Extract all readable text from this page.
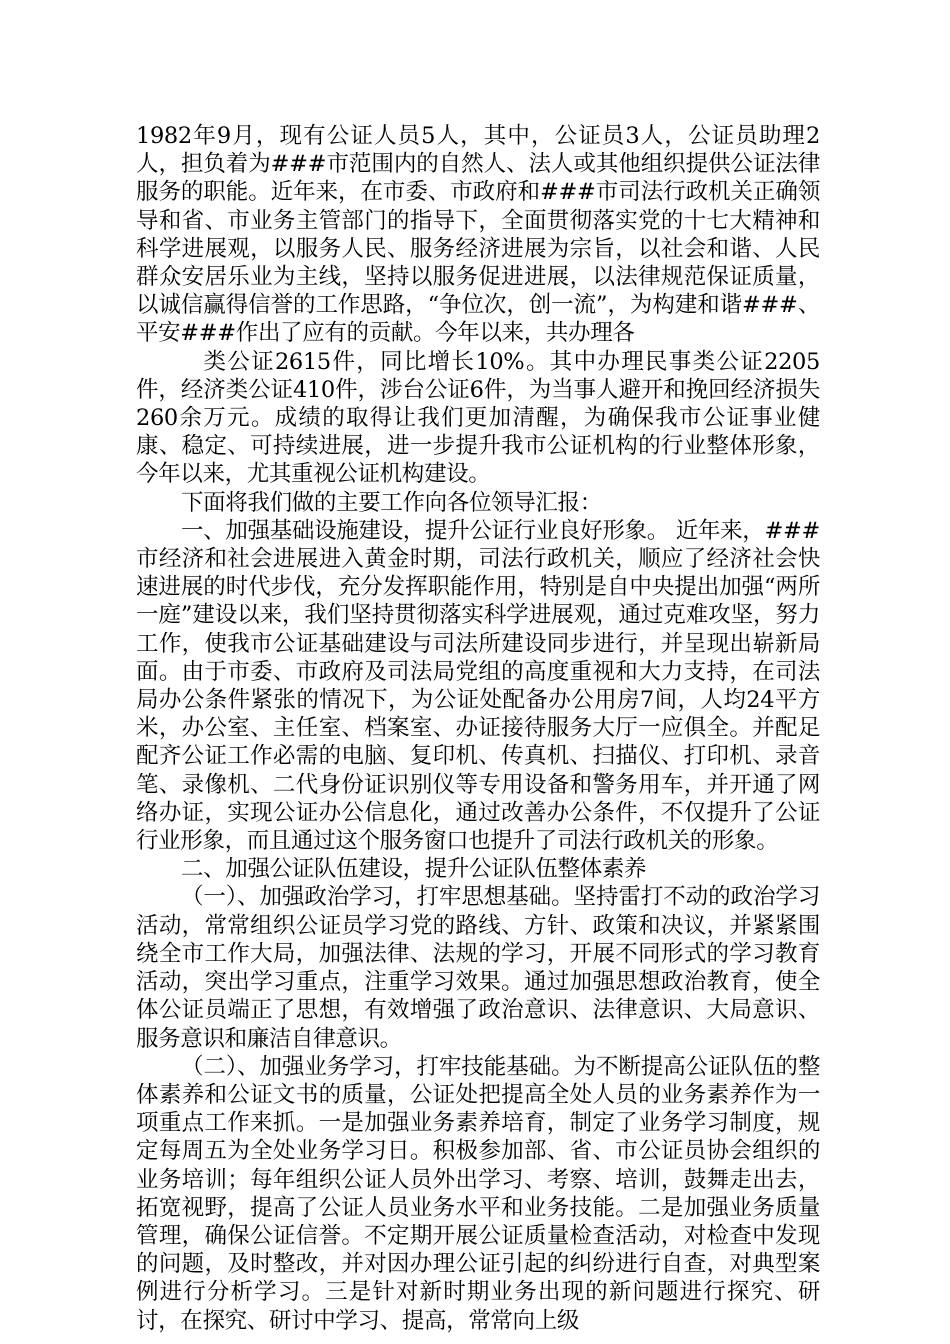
1982年9月，现有公证人员5人，其中，公证员3人，公证员助理2人，担负着为###市范围内的自然人、法人或其他组织提供公证法律服务的职能。近年来，在市委、市政府和###市司法行政机关正确领导和省、市业务主管部门的指导下，全面贯彻落实党的十七大精神和科学进展观，以服务人民、服务经济进展为宗旨，以社会和谐、人民群众安居乐业为主线，坚持以服务促进进展，以法律规范保证质量，以诚信赢得信誉的工作思路，“争位次，创一流”，为构建和谐###、平安###作出了应有的贡献。今年以来，共办理各

类公证2615件，同比增长10%。其中办理民事类公证2205件，经济类公证410件，涉台公证6件，为当事人避开和挽回经济损失260余万元。成绩的取得让我们更加清醒，为确保我市公证事业健康、稳定、可持续进展，进一步提升我市公证机构的行业整体形象，今年以来，尤其重视公证机构建设。

下面将我们做的主要工作向各位领导汇报：

一、加强基础设施建设，提升公证行业良好形象。 近年来，###市经济和社会进展进入黄金时期，司法行政机关，顺应了经济社会快速进展的时代步伐，充分发挥职能作用，特别是自中央提出加强“两所一庭”建设以来，我们坚持贯彻落实科学进展观，通过克难攻坚，努力工作，使我市公证基础建设与司法所建设同步进行，并呈现出崭新局面。由于市委、市政府及司法局党组的高度重视和大力支持，在司法局办公条件紧张的情况下，为公证处配备办公用房7间，人均24平方米，办公室、主任室、档案室、办证接待服务大厅一应俱全。并配足配齐公证工作必需的电脑、复印机、传真机、扫描仪、打印机、录音笔、录像机、二代身份证识别仪等专用设备和警务用车，并开通了网络办证，实现公证办公信息化，通过改善办公条件，不仅提升了公证行业形象，而且通过这个服务窗口也提升了司法行政机关的形象。

二、加强公证队伍建设，提升公证队伍整体素养

（一）、加强政治学习，打牢思想基础。坚持雷打不动的政治学习活动，常常组织公证员学习党的路线、方针、政策和决议，并紧紧围绕全市工作大局，加强法律、法规的学习，开展不同形式的学习教育活动，突出学习重点，注重学习效果。通过加强思想政治教育，使全体公证员端正了思想，有效增强了政治意识、法律意识、大局意识、服务意识和廉洁自律意识。

（二）、加强业务学习，打牢技能基础。为不断提高公证队伍的整体素养和公证文书的质量，公证处把提高全处人员的业务素养作为一项重点工作来抓。一是加强业务素养培育，制定了业务学习制度，规定每周五为全处业务学习日。积极参加部、省、市公证员协会组织的业务培训；每年组织公证人员外出学习、考察、培训，鼓舞走出去，拓宽视野，提高了公证人员业务水平和业务技能。二是加强业务质量管理，确保公证信誉。不定期开展公证质量检查活动，对检查中发现的问题，及时整改，并对因办理公证引起的纠纷进行自查，对典型案例进行分析学习。三是针对新时期业务出现的新问题进行探究、研讨，在探究、研讨中学习、提高，常常向上级
